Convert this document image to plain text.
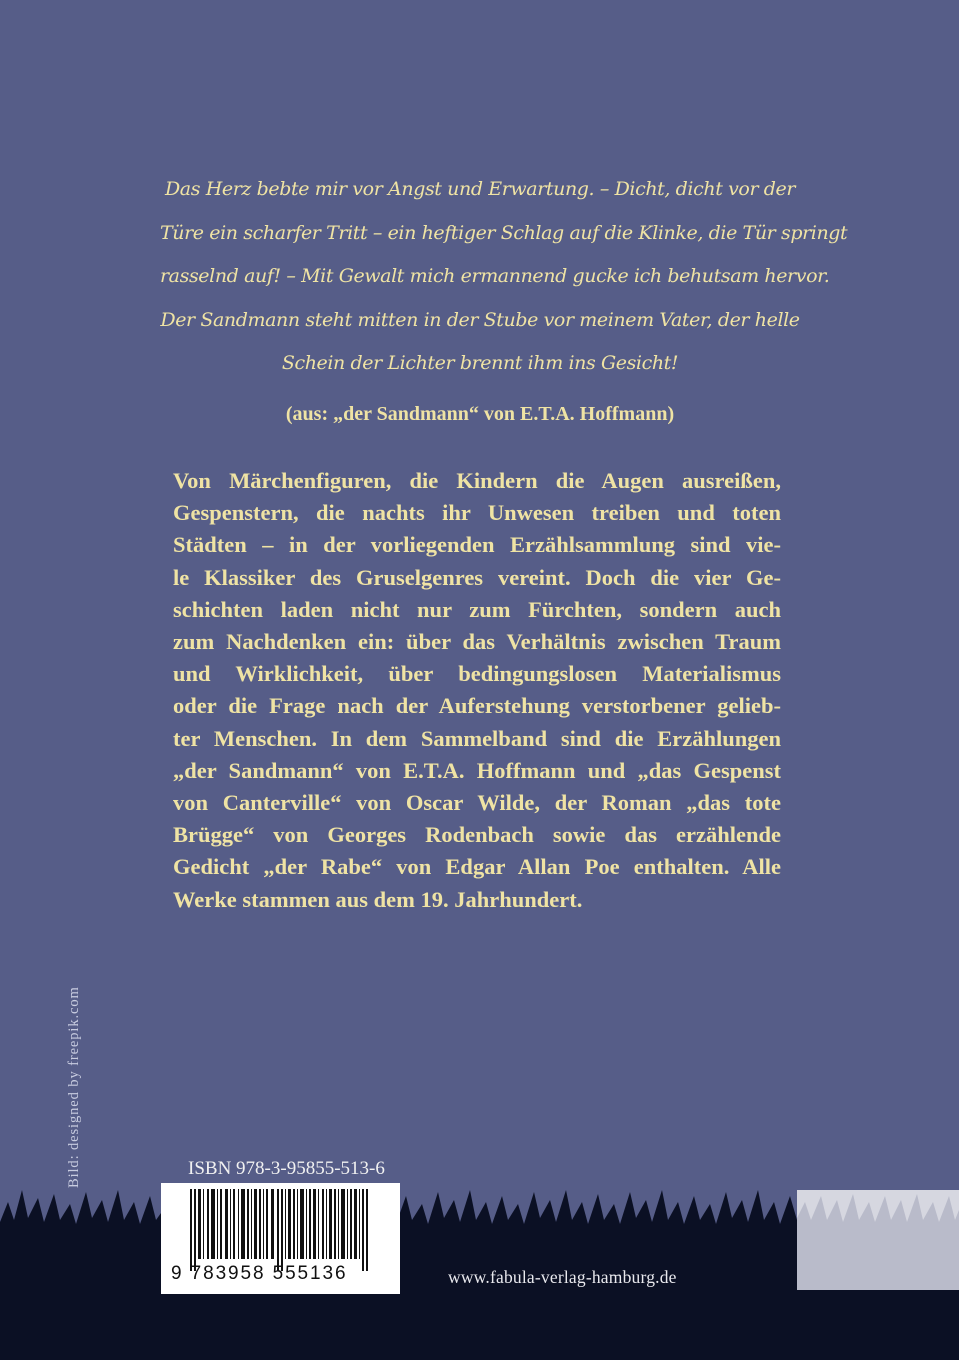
Das Herz bebte mir vor Angst und Erwartung. – Dicht, dicht vor der
Türe ein scharfer Tritt – ein heftiger Schlag auf die Klinke, die Tür springt
rasselnd auf! – Mit Gewalt mich ermannend gucke ich behutsam hervor.
Der Sandmann steht mitten in der Stube vor meinem Vater, der helle
Schein der Lichter brennt ihm ins Gesicht!
(aus: „der Sandmann“ von E.T.A. Hoffmann)
Von Märchenfiguren, die Kindern die Augen ausreißen,
Gespenstern, die nachts ihr Unwesen treiben und toten
Städten – in der vorliegenden Erzählsammlung sind vie-
le Klassiker des Gruselgenres vereint. Doch die vier Ge-
schichten laden nicht nur zum Fürchten, sondern auch
zum Nachdenken ein: über das Verhältnis zwischen Traum
und Wirklichkeit, über bedingungslosen Materialismus
oder die Frage nach der Auferstehung verstorbener gelieb-
ter Menschen. In dem Sammelband sind die Erzählungen
„der Sandmann“ von E.T.A. Hoffmann und „das Gespenst
von Canterville“ von Oscar Wilde, der Roman „das tote
Brügge“ von Georges Rodenbach sowie das erzählende
Gedicht „der Rabe“ von Edgar Allan Poe enthalten. Alle
Werke stammen aus dem 19. Jahrhundert.
Bild: designed by freepik.com	ISBN 978-3-95855-513-6
9 783958 555136	www.fabula-verlag-hamburg.de
